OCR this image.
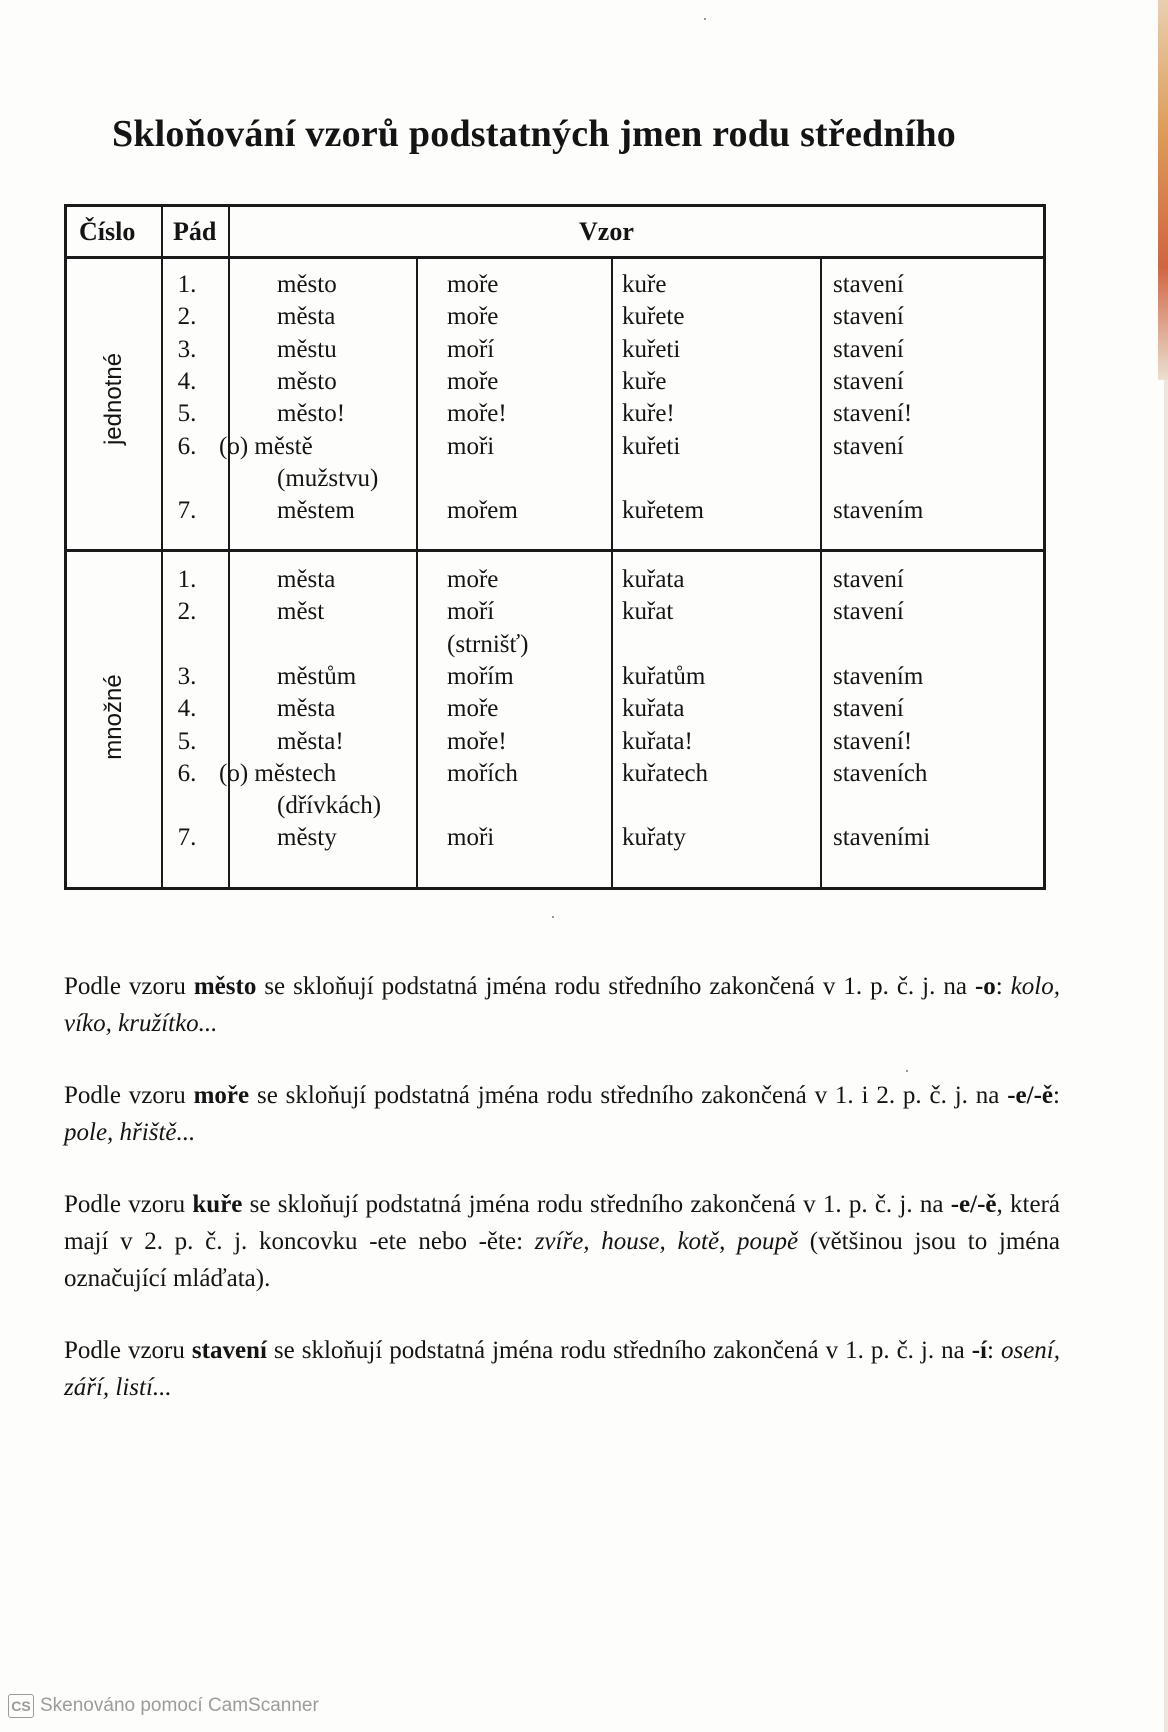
Skloňování vzorů podstatných jmen rodu středního
Číslo Pád	Vzor
jednotné
množné
1.	město	moře	kuře	stavení
2.	města	moře	kuřete	stavení
3.	městu	moří	kuřeti	stavení
4.	město	moře	kuře	stavení
5.	město!	moře!	kuře!	stavení!
6. (o) městě	moři	kuřeti	stavení
(mužstvu)
7.	městem	mořem	kuřetem	stavením
1.	města	moře	kuřata	stavení
2.	měst	moří	kuřat	stavení
(strnišť)
3.	městům	mořím	kuřatům	stavením
4.	města	moře	kuřata	stavení
5.	města!	moře!	kuřata!	stavení!
6. (o) městech	mořích	kuřatech	staveních
(dřívkách)
7.	městy	moři	kuřaty	staveními

Podle vzoru město se skloňují podstatná jména rodu středního zakončená v 1. p. č. j. na -o: kolo, víko, kružítko...

Podle vzoru moře se skloňují podstatná jména rodu středního zakončená v 1. i 2. p. č. j. na -e/-ě: pole, hřiště...

Podle vzoru kuře se skloňují podstatná jména rodu středního zakončená v 1. p. č. j. na -e/-ě, která mají v 2. p. č. j. koncovku -ete nebo -ěte: zvíře, house, kotě, poupě (většinou jsou to jména označující mláďata).

Podle vzoru stavení se skloňují podstatná jména rodu středního zakončená v 1. p. č. j. na -í: osení, září, listí...

CS Skenováno pomocí CamScanner
